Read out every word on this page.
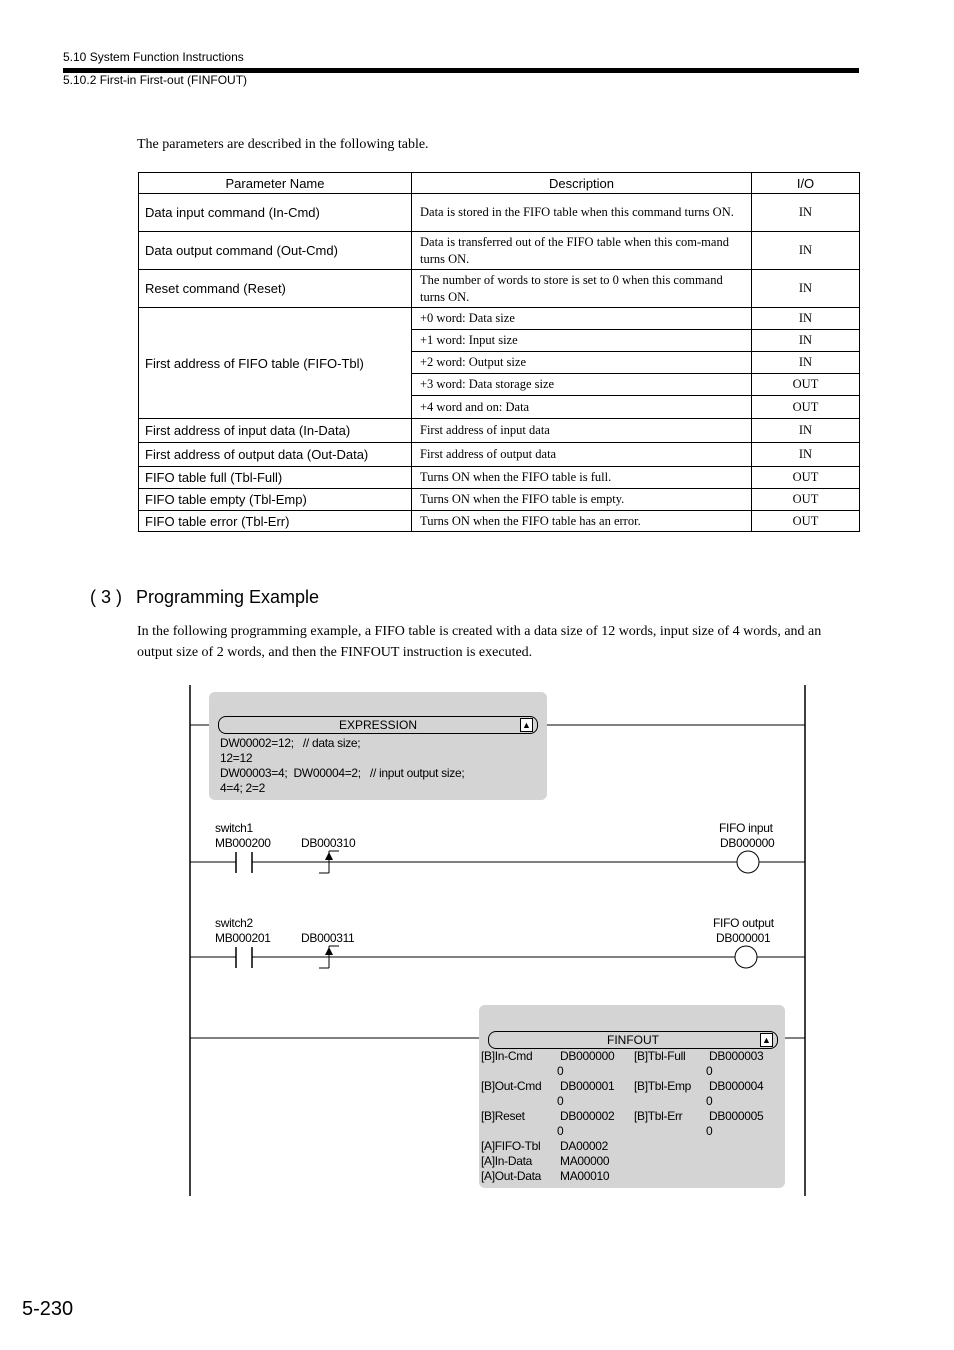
5.10 System Function Instructions
5.10.2 First-in First-out (FINFOUT)
The parameters are described in the following table.
Parameter Name	Description	I/O
Data input command (In-Cmd)	Data is stored in the FIFO table when this command turns ON.	IN
Data output command (Out-Cmd)	Data is transferred out of the FIFO table when this com-mand turns ON.	IN
Reset command (Reset)	The number of words to store is set to 0 when this command turns ON.	IN
First address of FIFO table (FIFO-Tbl)	+0 word: Data size	IN
	+1 word: Input size	IN
	+2 word: Output size	IN
	+3 word: Data storage size	OUT
	+4 word and on: Data	OUT
First address of input data (In-Data)	First address of input data	IN
First address of output data (Out-Data)	First address of output data	IN
FIFO table full (Tbl-Full)	Turns ON when the FIFO table is full.	OUT
FIFO table empty (Tbl-Emp)	Turns ON when the FIFO table is empty.	OUT
FIFO table error (Tbl-Err)	Turns ON when the FIFO table has an error.	OUT
( 3 ) Programming Example
In the following programming example, a FIFO table is created with a data size of 12 words, input size of 4 words, and an output size of 2 words, and then the FINFOUT instruction is executed.
EXPRESSION	▲
DW00002=12;   // data size;
12=12
DW00003=4;  DW00004=2;   // input output size;
4=4; 2=2
switch1
MB000200	DB000310
FIFO input
DB000000
switch2
MB000201	DB000311
FIFO output
DB000001
FINFOUT	▲
[B]In-Cmd DB000000
0
[B]Out-Cmd DB000001
0
[B]Reset	DB000002
0
[A]FIFO-Tbl DA00002
[A]In-Data MA00000
[A]Out-Data MA00010
[B]Tbl-Full DB000003
0
[B]Tbl-Emp DB000004
0
[B]Tbl-Err DB000005
0
5-230
